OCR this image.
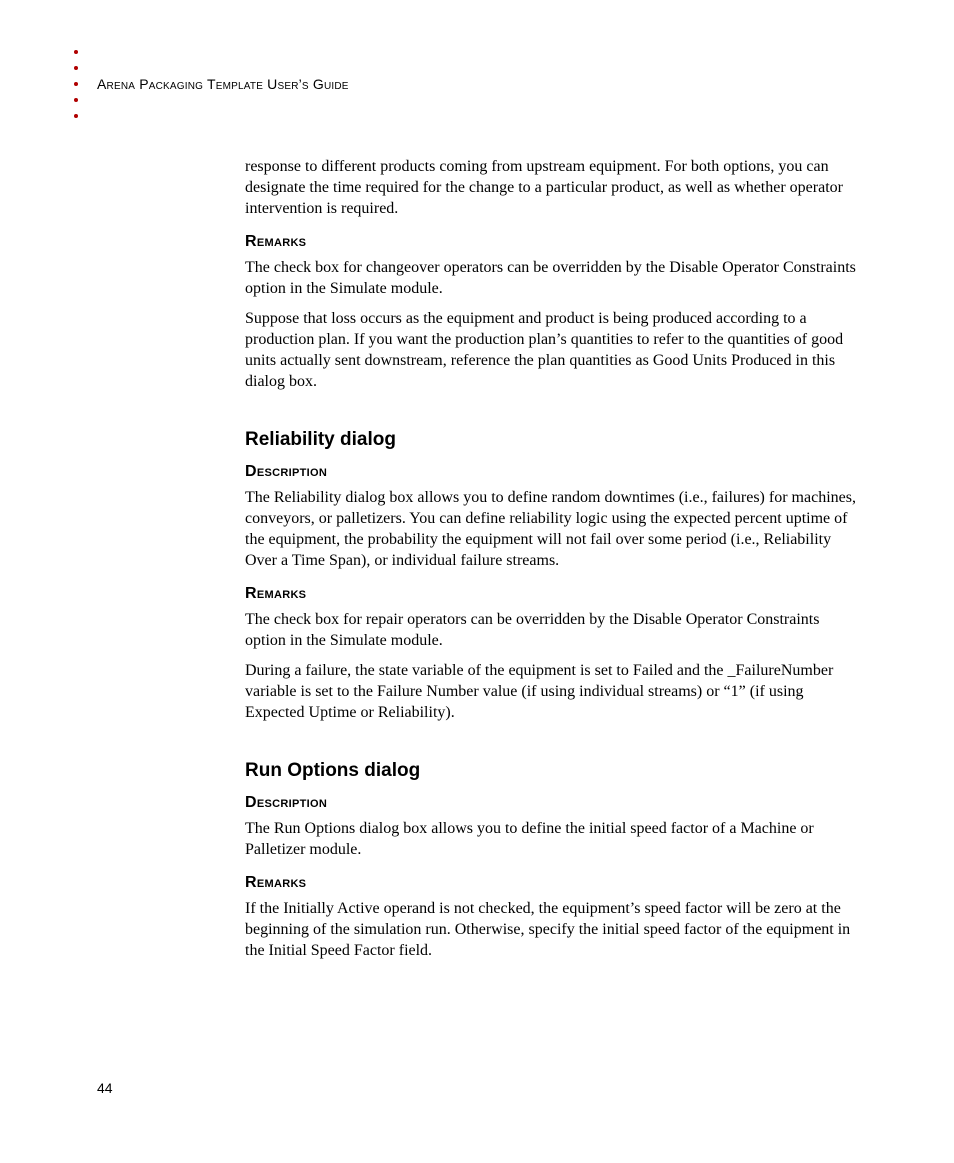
Arena Packaging Template User’s Guide

response to different products coming from upstream equipment. For both options, you can designate the time required for the change to a particular product, as well as whether operator intervention is required.

Remarks

The check box for changeover operators can be overridden by the Disable Operator Constraints option in the Simulate module.

Suppose that loss occurs as the equipment and product is being produced according to a production plan. If you want the production plan’s quantities to refer to the quantities of good units actually sent downstream, reference the plan quantities as Good Units Produced in this dialog box.

Reliability dialog
Description

The Reliability dialog box allows you to define random downtimes (i.e., failures) for machines, conveyors, or palletizers. You can define reliability logic using the expected percent uptime of the equipment, the probability the equipment will not fail over some period (i.e., Reliability Over a Time Span), or individual failure streams.

Remarks

The check box for repair operators can be overridden by the Disable Operator Constraints option in the Simulate module.

During a failure, the state variable of the equipment is set to Failed and the _FailureNumber variable is set to the Failure Number value (if using individual streams) or “1” (if using Expected Uptime or Reliability).

Run Options dialog
Description

The Run Options dialog box allows you to define the initial speed factor of a Machine or Palletizer module.

Remarks

If the Initially Active operand is not checked, the equipment’s speed factor will be zero at the beginning of the simulation run. Otherwise, specify the initial speed factor of the equipment in the Initial Speed Factor field.

44
